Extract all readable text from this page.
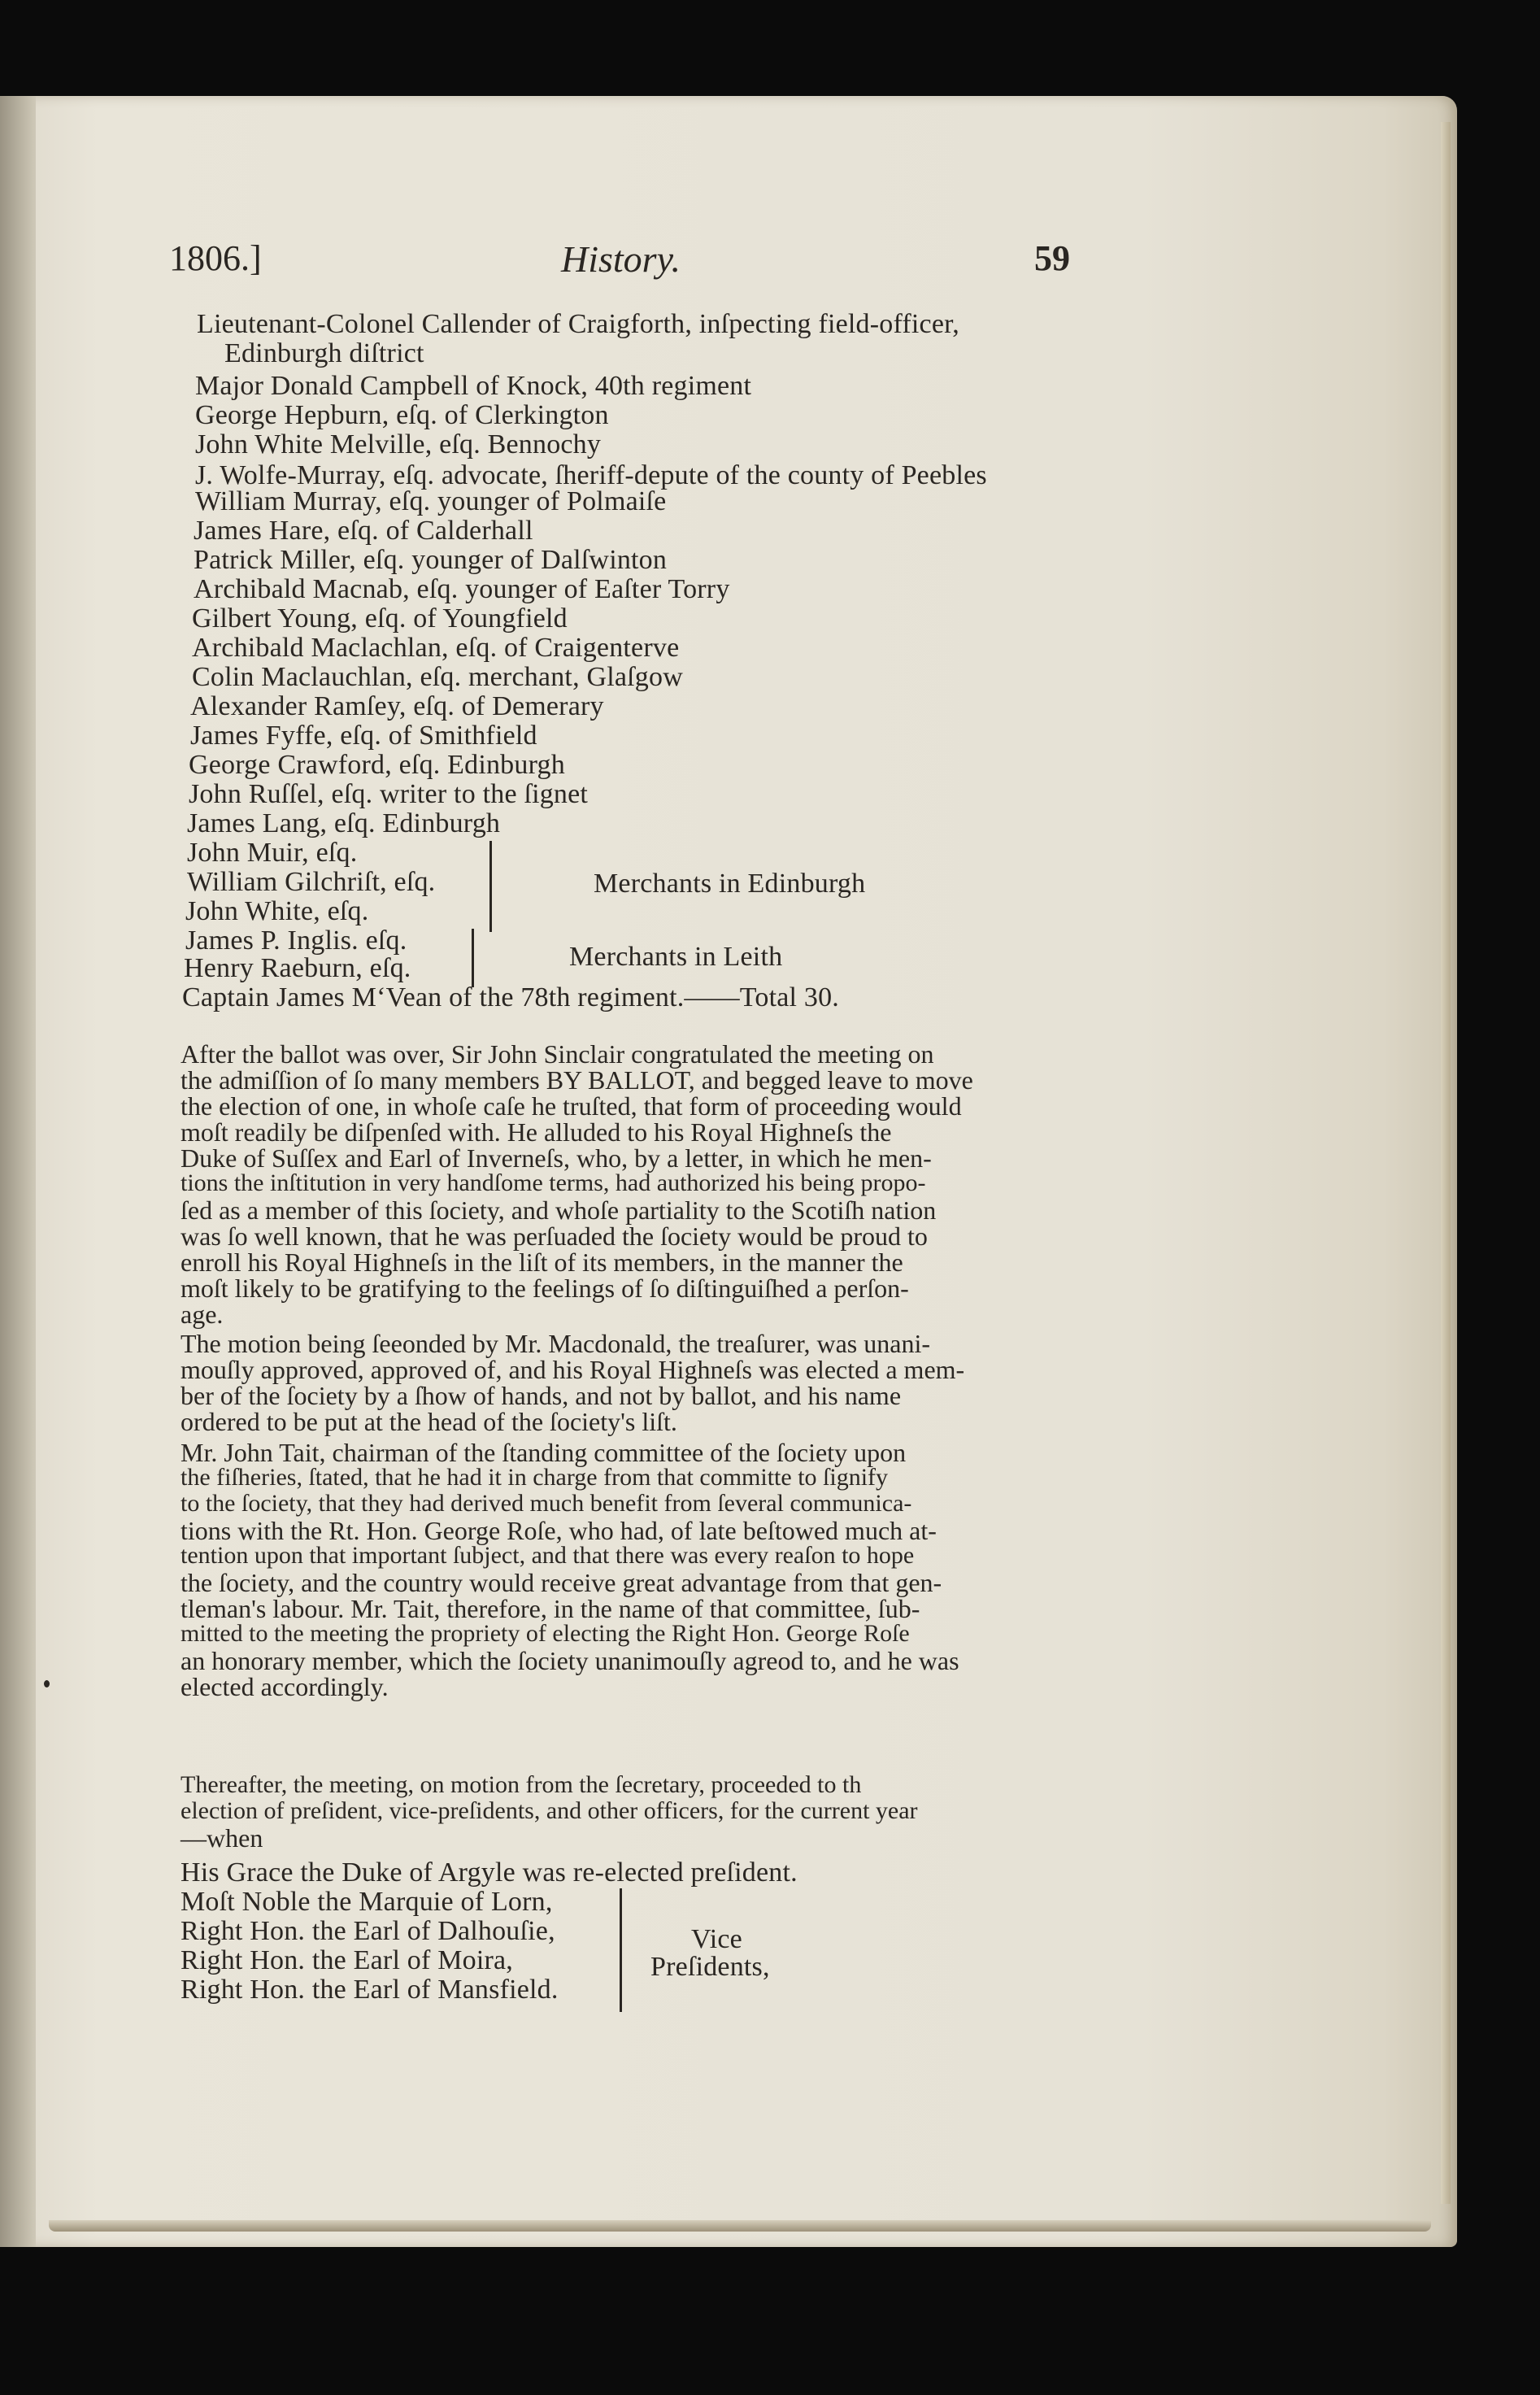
1806.]	History.	59
Lieutenant-Colonel Callender of Craigforth, inſpecting field-officer,
Edinburgh diſtrict
Major Donald Campbell of Knock, 40th regiment
George Hepburn, eſq. of Clerkington
John White Melville, eſq. Bennochy
J. Wolfe-Murray, eſq. advocate, ſheriff-depute of the county of Peebles
William Murray, eſq. younger of Polmaiſe
James Hare, eſq. of Calderhall
Patrick Miller, eſq. younger of Dalſwinton
Archibald Macnab, eſq. younger of Eaſter Torry
Gilbert Young, eſq. of Youngfield
Archibald Maclachlan, eſq. of Craigenterve
Colin Maclauchlan, eſq. merchant, Glaſgow
Alexander Ramſey, eſq. of Demerary
James Fyffe, eſq. of Smithfield
George Crawford, eſq. Edinburgh
John Ruſſel, eſq. writer to the ſignet
James Lang, eſq. Edinburgh
John Muir, eſq.
William Gilchriſt, eſq.
John White, eſq.
Merchants in Edinburgh
James P. Inglis. eſq.
Henry Raeburn, eſq.	Merchants in Leith
Captain James M‘Vean of the 78th regiment.——Total 30.
After the ballot was over, Sir John Sinclair congratulated the meeting on
the admiſſion of ſo many members BY BALLOT, and begged leave to move
the election of one, in whoſe caſe he truſted, that form of proceeding would
moſt readily be diſpenſed with. He alluded to his Royal Highneſs the
Duke of Suſſex and Earl of Inverneſs, who, by a letter, in which he men-
tions the inſtitution in very handſome terms, had authorized his being propo-
ſed as a member of this ſociety, and whoſe partiality to the Scotiſh nation
was ſo well known, that he was perſuaded the ſociety would be proud to
enroll his Royal Highneſs in the liſt of its members, in the manner the
moſt likely to be gratifying to the feelings of ſo diſtinguiſhed a perſon-
age.
The motion being ſeeonded by Mr. Macdonald, the treaſurer, was unani-
mouſly approved, approved of, and his Royal Highneſs was elected a mem-
ber of the ſociety by a ſhow of hands, and not by ballot, and his name
ordered to be put at the head of the ſociety's liſt.
Mr. John Tait, chairman of the ſtanding committee of the ſociety upon
the fiſheries, ſtated, that he had it in charge from that committe to ſignify
to the ſociety, that they had derived much benefit from ſeveral communica-
tions with the Rt. Hon. George Roſe, who had, of late beſtowed much at-
tention upon that important ſubject, and that there was every reaſon to hope
the ſociety, and the country would receive great advantage from that gen-
tleman's labour. Mr. Tait, therefore, in the name of that committee, ſub-
mitted to the meeting the propriety of electing the Right Hon. George Roſe
an honorary member, which the ſociety unanimouſly agreod to, and he was
elected accordingly.
Thereafter, the meeting, on motion from the ſecretary, proceeded to th
election of preſident, vice-preſidents, and other officers, for the current year
—when
His Grace the Duke of Argyle was re-elected preſident.
Moſt Noble the Marquie of Lorn,
Right Hon. the Earl of Dalhouſie,
Right Hon. the Earl of Moira,
Right Hon. the Earl of Mansfield.
Vice
Preſidents,
